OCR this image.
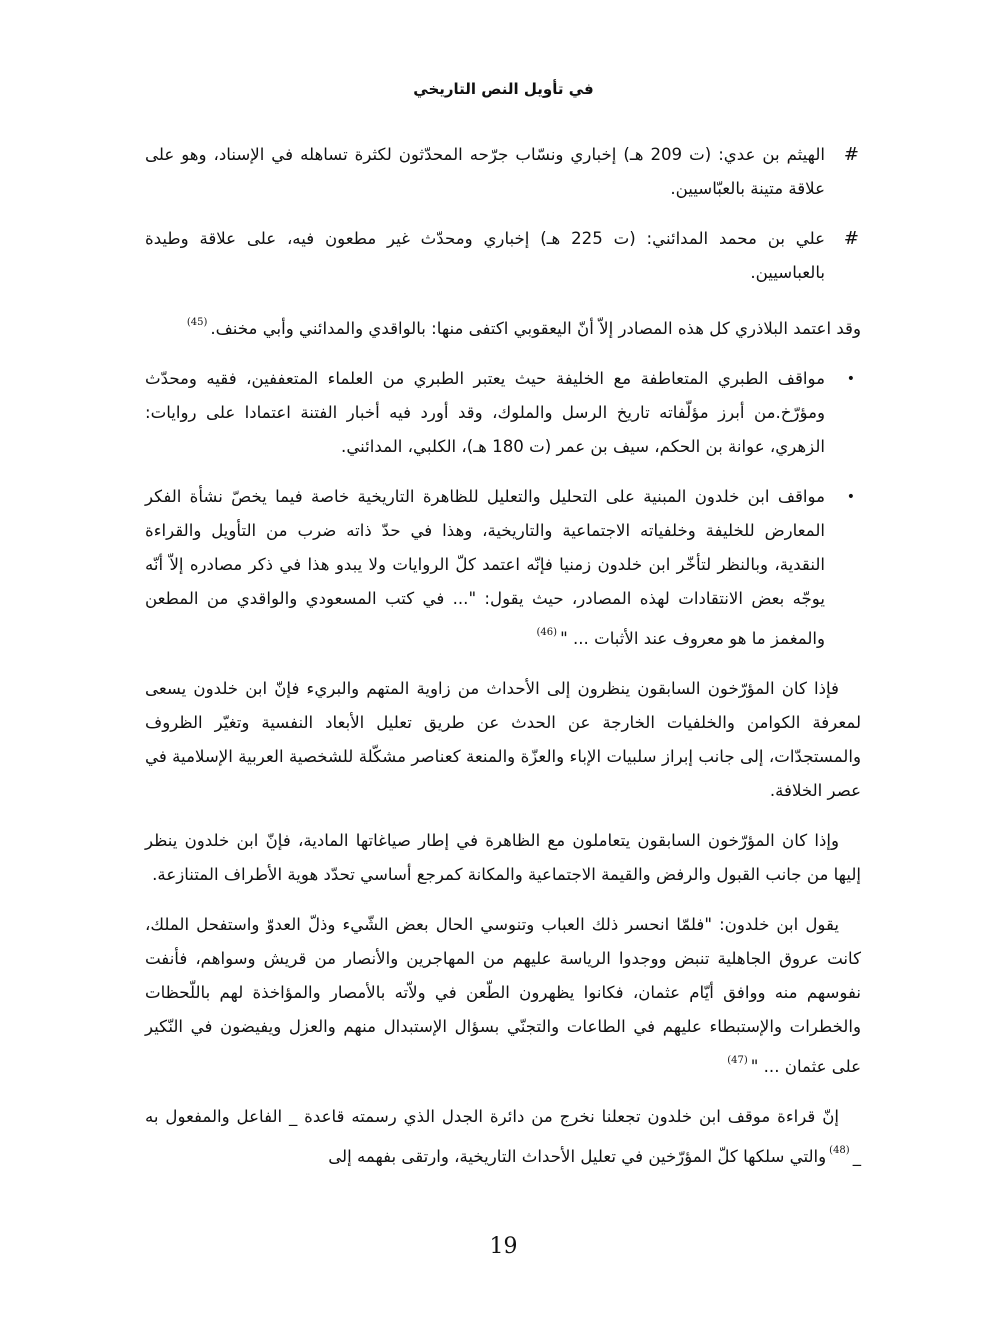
في تأويل النص التاريخي
#
الهيثم بن عدي: (ت 209 هـ) إخباري ونسّاب جرّحه المحدّثون لكثرة تساهله في الإسناد، وهو على علاقة متينة بالعبّاسيين.
#
علي بن محمد المدائني: (ت 225 هـ) إخباري ومحدّث غير مطعون فيه، على علاقة وطيدة بالعباسيين.

وقد اعتمد البلاذري كل هذه المصادر إلاّ أنّ اليعقوبي اكتفى منها: بالواقدي والمدائني وأبي مخنف.$^{(45)}$

•
مواقف الطبري المتعاطفة مع الخليفة حيث يعتبر الطبري من العلماء المتعففين، فقيه ومحدّث ومؤرّخ.من أبرز مؤلّفاته تاريخ الرسل والملوك، وقد أورد فيه أخبار الفتنة اعتمادا على روايات: الزهري، عوانة بن الحكم، سيف بن عمر (ت 180 هـ)، الكلبي، المدائني.
•
مواقف ابن خلدون المبنية على التحليل والتعليل للظاهرة التاريخية خاصة فيما يخصّ نشأة الفكر المعارض للخليفة وخلفياته الاجتماعية والتاريخية، وهذا في حدّ ذاته ضرب من التأويل والقراءة النقدية، وبالنظر لتأخّر ابن خلدون زمنيا فإنّه اعتمد كلّ الروايات ولا يبدو هذا في ذكر مصادره إلاّ أنّه يوجّه بعض الانتقادات لهذه المصادر، حيث يقول: "... في كتب المسعودي والواقدي من المطعن والمغمز ما هو معروف عند الأثبات ... "$^{(46)}$

فإذا كان المؤرّخون السابقون ينظرون إلى الأحداث من زاوية المتهم والبريء فإنّ ابن خلدون يسعى لمعرفة الكوامن والخلفيات الخارجة عن الحدث عن طريق تعليل الأبعاد النفسية وتغيّر الظروف والمستجدّات، إلى جانب إبراز سلبيات الإباء والعزّة والمنعة كعناصر مشكّلة للشخصية العربية الإسلامية في عصر الخلافة.

وإذا كان المؤرّخون السابقون يتعاملون مع الظاهرة في إطار صياغاتها المادية، فإنّ ابن خلدون ينظر إليها من جانب القبول والرفض والقيمة الاجتماعية والمكانة كمرجع أساسي تحدّد هوية الأطراف المتنازعة.

يقول ابن خلدون: "فلمّا انحسر ذلك العباب وتنوسي الحال بعض الشّيء وذلّ العدوّ واستفحل الملك، كانت عروق الجاهلية تنبض ووجدوا الرياسة عليهم من المهاجرين والأنصار من قريش وسواهم، فأنفت نفوسهم منه ووافق أيّام عثمان، فكانوا يظهرون الطّعن في ولاّته بالأمصار والمؤاخذة لهم باللّحظات والخطرات والإستبطاء عليهم في الطاعات والتجنّي بسؤال الإستبدال منهم والعزل ويفيضون في النّكير على عثمان ... "$^{(47)}$

إنّ قراءة موقف ابن خلدون تجعلنا نخرج من دائرة الجدل الذي رسمته قاعدة _ الفاعل والمفعول به _$^{(48)}$والتي سلكها كلّ المؤرّخين في تعليل الأحداث التاريخية، وارتقى بفهمه إلى

19
